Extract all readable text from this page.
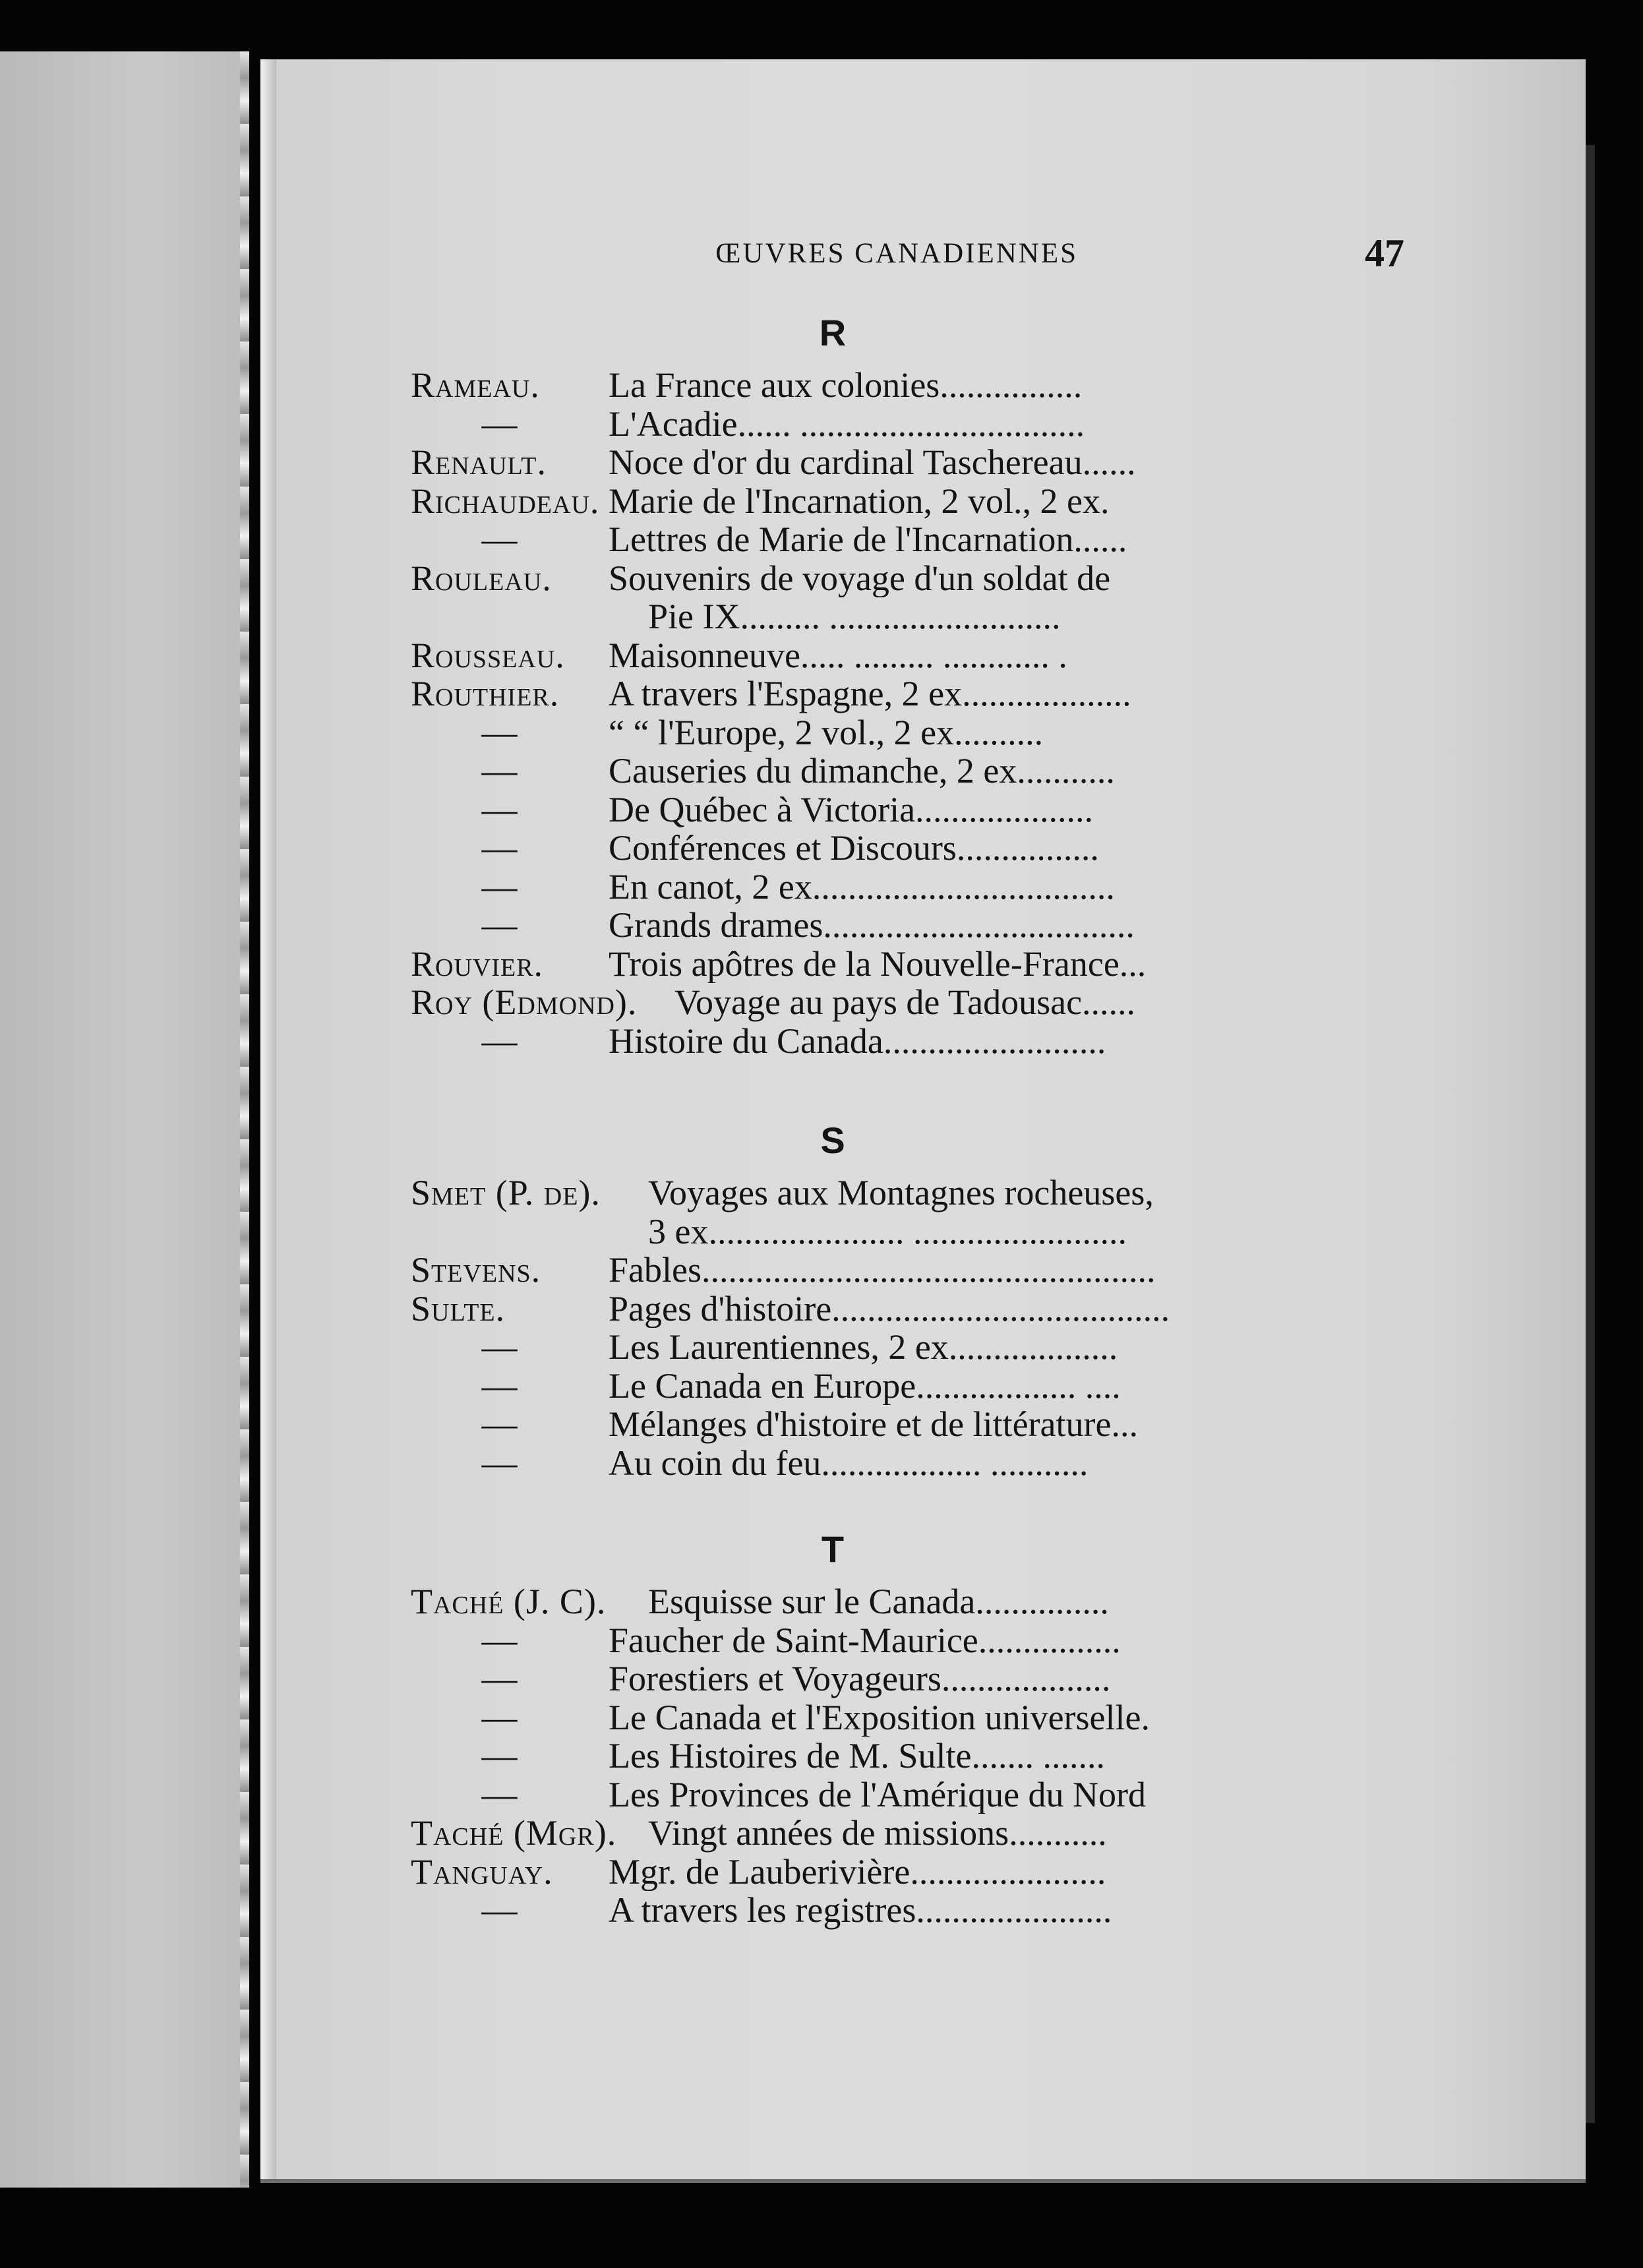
ŒUVRES CANADIENNES	47
R
Rameau.	La France aux colonies................
—	L'Acadie...... ................................
Renault.	Noce d'or du cardinal Taschereau......
Richaudeau. Marie de l'Incarnation, 2 vol., 2 ex.
—	Lettres de Marie de l'Incarnation......
Rouleau.	Souvenirs de voyage d'un soldat de
Pie IX......... ..........................
Rousseau.	Maisonneuve..... ......... ............ .
Routhier.	A travers l'Espagne, 2 ex...................
—	“ “ l'Europe, 2 vol., 2 ex..........
—	Causeries du dimanche, 2 ex...........
—	De Québec à Victoria....................
—	Conférences et Discours................
—	En canot, 2 ex..................................
—	Grands drames...................................
Rouvier.	Trois apôtres de la Nouvelle-France...
Roy (Edmond).	Voyage au pays de Tadousac......
—	Histoire du Canada.........................
S
Smet (P. de).	Voyages aux Montagnes rocheuses,
3 ex...................... ........................
Stevens.	Fables...................................................
Sulte.	Pages d'histoire......................................
—	Les Laurentiennes, 2 ex...................
—	Le Canada en Europe.................. ....
—	Mélanges d'histoire et de littérature...
—	Au coin du feu.................. ...........
T
Taché (J. C).	Esquisse sur le Canada...............
—	Faucher de Saint-Maurice................
—	Forestiers et Voyageurs...................
—	Le Canada et l'Exposition universelle.
—	Les Histoires de M. Sulte....... .......
—	Les Provinces de l'Amérique du Nord
Taché (Mgr). Vingt années de missions...........
Tanguay.	Mgr. de Lauberivière......................
—	A travers les registres......................
